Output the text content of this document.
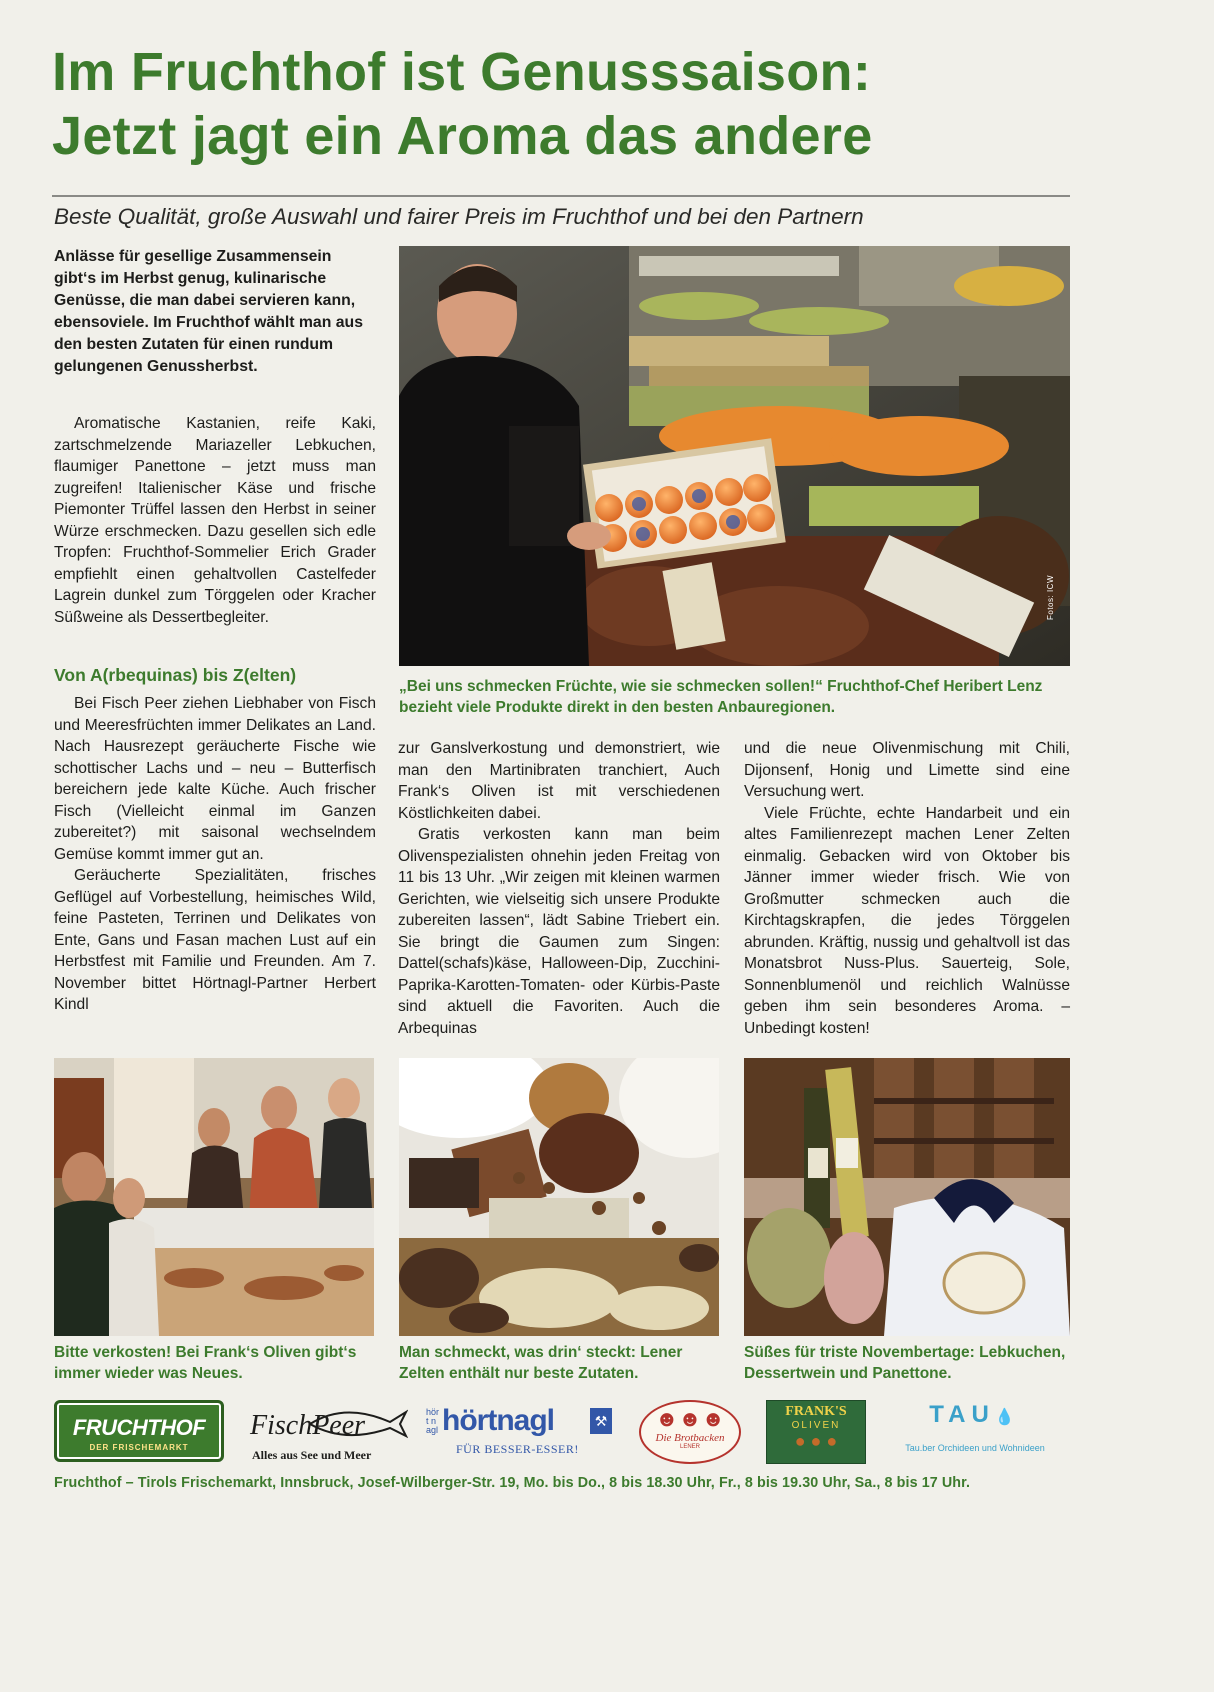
Im Fruchthof ist Genusssaison:
Jetzt jagt ein Aroma das andere
Beste Qualität, große Auswahl und fairer Preis im Fruchthof und bei den Partnern
Anlässe für gesellige Zusammensein gibt‘s im Herbst genug, kulinarische Genüsse, die man dabei servieren kann, ebensoviele. Im Fruchthof wählt man aus den besten Zutaten für einen rundum gelungenen Genussherbst.

Aromatische Kastanien, reife Kaki, zartschmelzende Mariazeller Lebkuchen, flaumiger Panettone – jetzt muss man zugreifen! Italienischer Käse und frische Piemonter Trüffel lassen den Herbst in seiner Würze erschmecken. Dazu gesellen sich edle Tropfen: Fruchthof-Sommelier Erich Grader empfiehlt einen gehaltvollen Castelfeder Lagrein dunkel zum Törggelen oder Kracher Süßweine als Dessertbegleiter.

Von A(rbequinas) bis Z(elten)

Bei Fisch Peer ziehen Liebhaber von Fisch und Meeresfrüchten immer Delikates an Land. Nach Hausrezept geräucherte Fische wie schottischer Lachs und – neu – Butterfisch bereichern jede kalte Küche. Auch frischer Fisch (Vielleicht einmal im Ganzen zubereitet?) mit saisonal wechselndem Gemüse kommt immer gut an.

Geräucherte Spezialitäten, frisches Geflügel auf Vorbestellung, heimisches Wild, feine Pasteten, Terrinen und Delikates von Ente, Gans und Fasan machen Lust auf ein Herbstfest mit Familie und Freunden. Am 7. November bittet Hörtnagl-Partner Herbert Kindl

zur Ganslverkostung und demonstriert, wie man den Martinibraten tranchiert, Auch Frank‘s Oliven ist mit verschiedenen Köstlichkeiten dabei.

Gratis verkosten kann man beim Olivenspezialisten ohnehin jeden Freitag von 11 bis 13 Uhr. „Wir zeigen mit kleinen warmen Gerichten, wie vielseitig sich unsere Produkte zubereiten lassen“, lädt Sabine Triebert ein. Sie bringt die Gaumen zum Singen: Dattel(schafs)käse, Halloween-Dip, Zucchini-Paprika-Karotten-Tomaten- oder Kürbis-Paste sind aktuell die Favoriten. Auch die Arbequinas

und die neue Olivenmischung mit Chili, Dijonsenf, Honig und Limette sind eine Versuchung wert.

Viele Früchte, echte Handarbeit und ein altes Familienrezept machen Lener Zelten einmalig. Gebacken wird von Oktober bis Jänner immer wieder frisch. Wie von Großmutter schmecken auch die Kirchtagskrapfen, die jedes Törggelen abrunden. Kräftig, nussig und gehaltvoll ist das Monatsbrot Nuss-Plus. Sauerteig, Sole, Sonnenblumenöl und reichlich Walnüsse geben ihm sein besonderes Aroma. – Unbedingt kosten!

Fotos: ICW
„Bei uns schmecken Früchte, wie sie schmecken sollen!“ Fruchthof-Chef Heribert Lenz bezieht viele Produkte direkt in den besten Anbauregionen.
Bitte verkosten! Bei Frank‘s Oliven gibt‘s immer wieder was Neues.
Man schmeckt, was drin‘ steckt: Lener Zelten enthält nur beste Zutaten.
Süßes für triste Novembertage: Lebkuchen, Dessertwein und Panettone.
FRUCHTHOF
DER FRISCHEMARKT
FischPeer
Alles aus See und Meer
hört nagl hörtnagl	⚒
FÜR BESSER-ESSER!
☻☻☻
Die Brotbacken
LENER
FRANK'S
OLIVEN
● ● ●
TAU💧
Tau.ber Orchideen und Wohnideen
Fruchthof – Tirols Frischemarkt, Innsbruck, Josef-Wilberger-Str. 19, Mo. bis Do., 8 bis 18.30 Uhr, Fr., 8 bis 19.30 Uhr, Sa., 8 bis 17 Uhr.
